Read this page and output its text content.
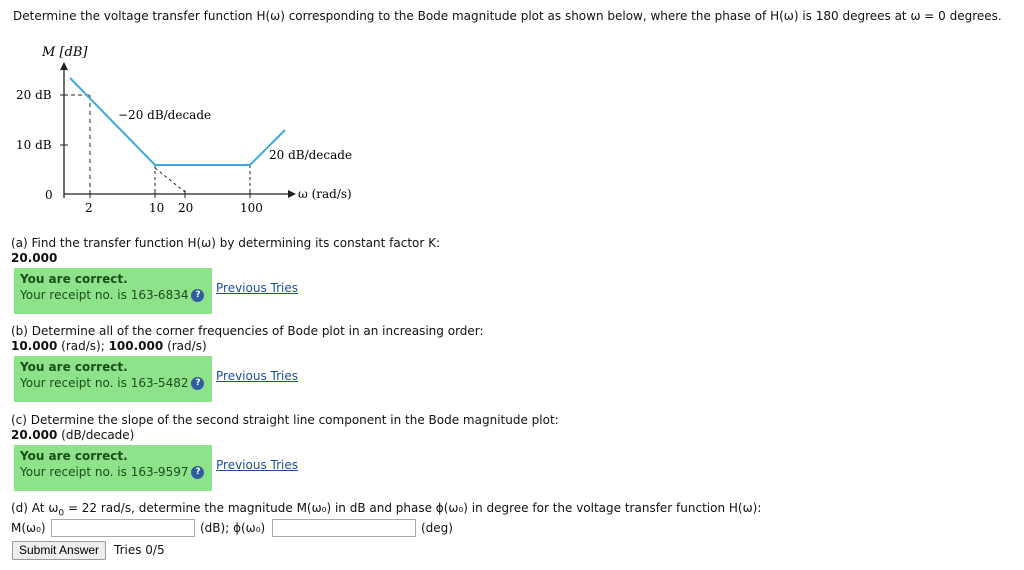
Determine the voltage transfer function H(ω) corresponding to the Bode magnitude plot as shown below, where the phase of H(ω) is 180 degrees at ω = 0 degrees.
M [dB]
20 dB
10 dB
0
2	10 20	100
ω (rad/s)
−20 dB/decade
20 dB/decade
(a) Find the transfer function H(ω) by determining its constant factor K:
20.000
You are correct.
Your receipt no. is 163-6834 ?	Previous Tries
(b) Determine all of the corner frequencies of Bode plot in an increasing order:
10.000 (rad/s); 100.000 (rad/s)
You are correct.
Your receipt no. is 163-5482 ?	Previous Tries
(c) Determine the slope of the second straight line component in the Bode magnitude plot:
20.000 (dB/decade)
You are correct.
Your receipt no. is 163-9597 ?	Previous Tries
(d) At $\omega_0 = 22$ rad/s, determine the magnitude M(ω₀) in dB and phase ϕ(ω₀) in degree for the voltage transfer function H(ω):
M(ω₀)	(dB); ϕ(ω₀)	(deg)
Submit Answer	Tries 0/5
